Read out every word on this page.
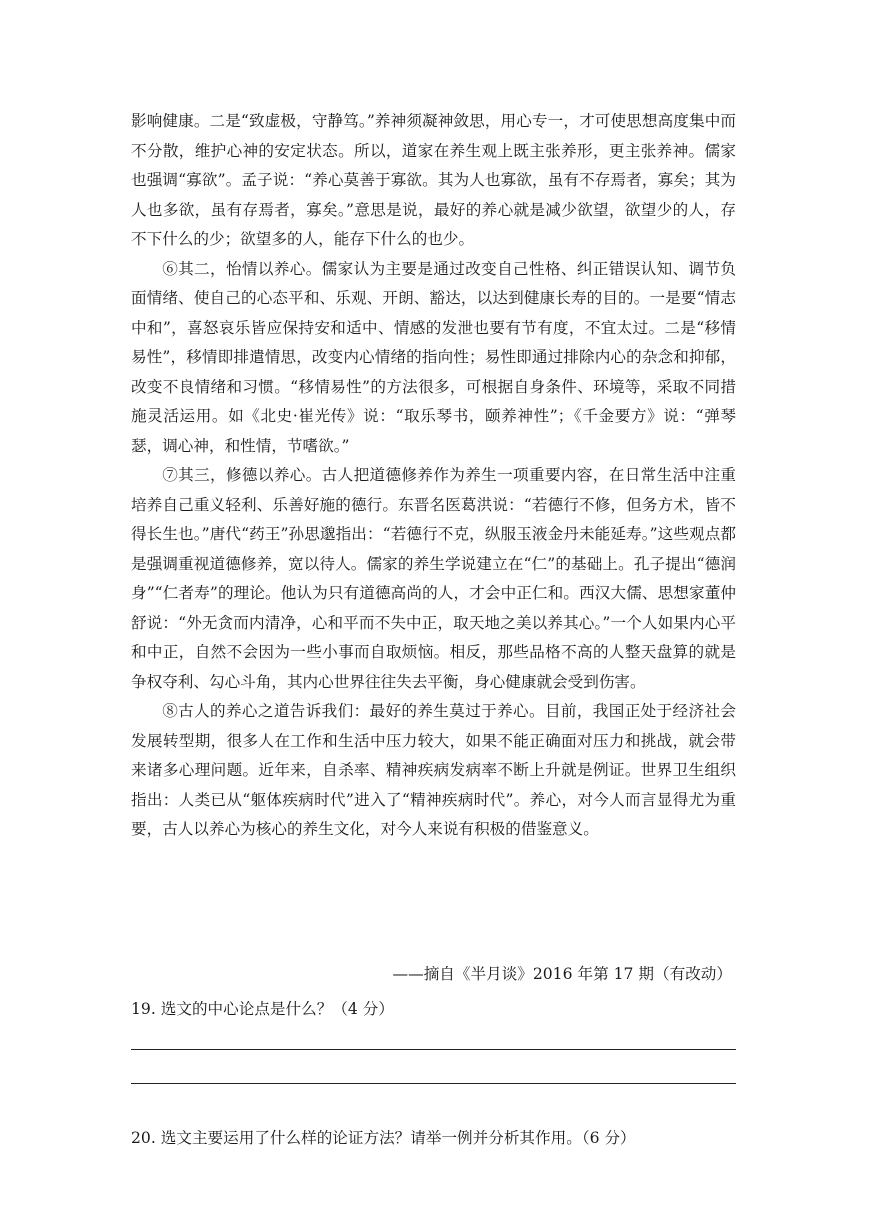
影响健康。二是“致虚极，守静笃。”养神须凝神敛思，用心专一，才可使思想高度集中而不分散，维护心神的安定状态。所以，道家在养生观上既主张养形，更主张养神。儒家也强调“寡欲”。孟子说：“养心莫善于寡欲。其为人也寡欲，虽有不存焉者，寡矣；其为人也多欲，虽有存焉者，寡矣。”意思是说，最好的养心就是减少欲望，欲望少的人，存不下什么的少；欲望多的人，能存下什么的也少。

⑥其二，怡情以养心。儒家认为主要是通过改变自己性格、纠正错误认知、调节负面情绪、使自己的心态平和、乐观、开朗、豁达，以达到健康长寿的目的。一是要“情志中和”，喜怒哀乐皆应保持安和适中、情感的发泄也要有节有度，不宜太过。二是“移情易性”，移情即排遣情思，改变内心情绪的指向性；易性即通过排除内心的杂念和抑郁，改变不良情绪和习惯。“移情易性”的方法很多，可根据自身条件、环境等，采取不同措施灵活运用。如《北史·崔光传》说：“取乐琴书，颐养神性”；《千金要方》说：“弹琴瑟，调心神，和性情，节嗜欲。”

⑦其三，修德以养心。古人把道德修养作为养生一项重要内容，在日常生活中注重培养自己重义轻利、乐善好施的德行。东晋名医葛洪说：“若德行不修，但务方术，皆不得长生也。”唐代“药王”孙思邈指出：“若德行不克，纵服玉液金丹未能延寿。”这些观点都是强调重视道德修养，宽以待人。儒家的养生学说建立在“仁”的基础上。孔子提出“德润身”“仁者寿”的理论。他认为只有道德高尚的人，才会中正仁和。西汉大儒、思想家董仲舒说：“外无贪而内清净，心和平而不失中正，取天地之美以养其心。”一个人如果内心平和中正，自然不会因为一些小事而自取烦恼。相反，那些品格不高的人整天盘算的就是争权夺利、勾心斗角，其内心世界往往失去平衡，身心健康就会受到伤害。

⑧古人的养心之道告诉我们：最好的养生莫过于养心。目前，我国正处于经济社会发展转型期，很多人在工作和生活中压力较大，如果不能正确面对压力和挑战，就会带来诸多心理问题。近年来，自杀率、精神疾病发病率不断上升就是例证。世界卫生组织指出：人类已从“躯体疾病时代”进入了“精神疾病时代”。养心，对今人而言显得尤为重要，古人以养心为核心的养生文化，对今人来说有积极的借鉴意义。

——摘自《半月谈》2016 年第 17 期（有改动）
19. 选文的中心论点是什么？（4 分）
20. 选文主要运用了什么样的论证方法？请举一例并分析其作用。（6 分）
